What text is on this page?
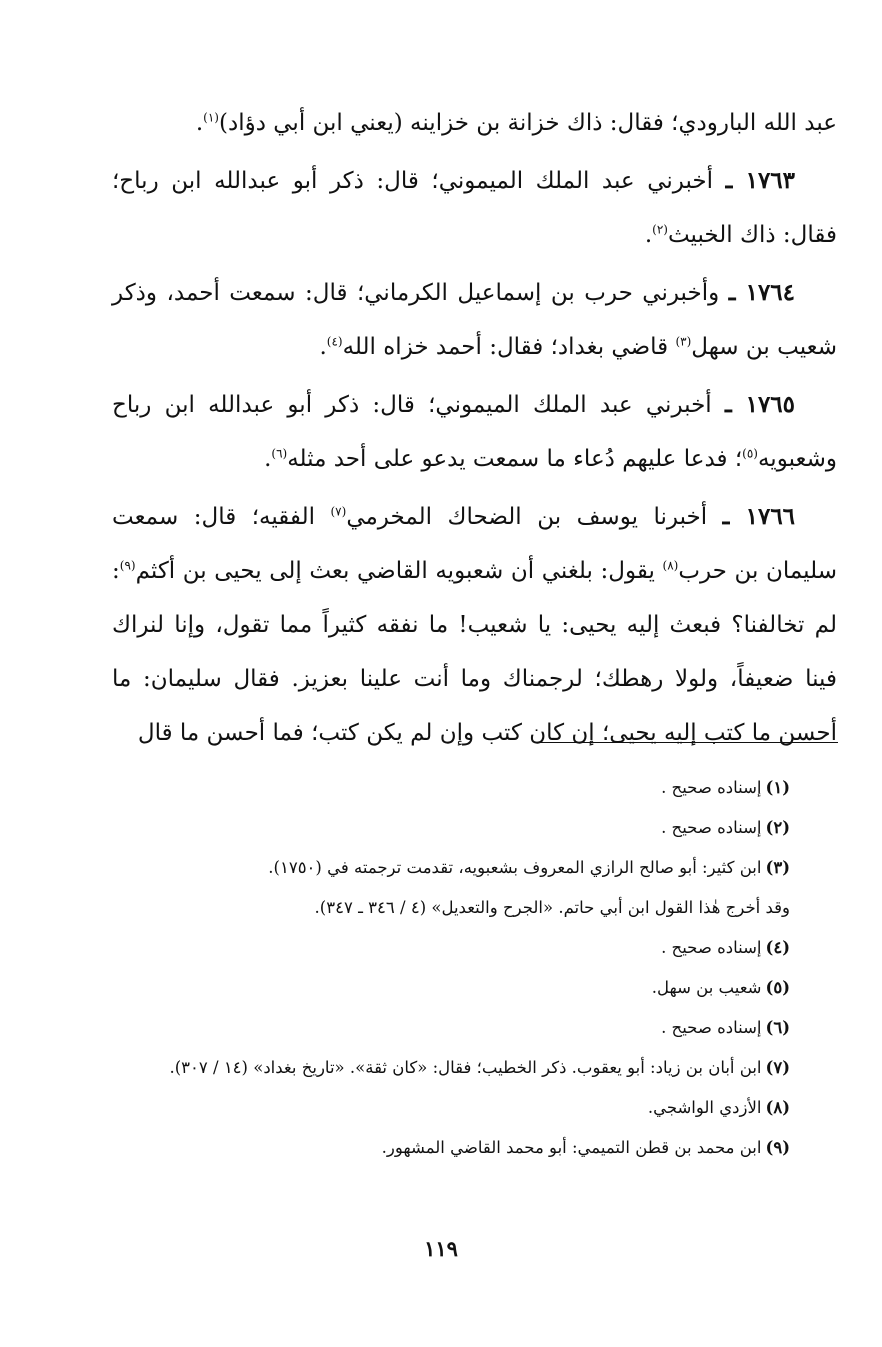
عبد الله البارودي؛ فقال: ذاك خزانة بن خزاينه (يعني ابن أبي دؤاد)$^{(١)}$.

١٧٦٣ ـ أخبرني عبد الملك الميموني؛ قال: ذكر أبو عبدالله ابن رباح؛ فقال: ذاك الخبيث$^{(٢)}$.

١٧٦٤ ـ وأخبرني حرب بن إسماعيل الكرماني؛ قال: سمعت أحمد، وذكر شعيب بن سهل$^{(٣)}$ قاضي بغداد؛ فقال: أحمد خزاه الله$^{(٤)}$.

١٧٦٥ ـ أخبرني عبد الملك الميموني؛ قال: ذكر أبو عبدالله ابن رباح وشعبويه$^{(٥)}$؛ فدعا عليهم دُعاء ما سمعت يدعو على أحد مثله$^{(٦)}$.

١٧٦٦ ـ أخبرنا يوسف بن الضحاك المخرمي$^{(٧)}$ الفقيه؛ قال: سمعت سليمان بن حرب$^{(٨)}$ يقول: بلغني أن شعبويه القاضي بعث إلى يحيى بن أكثم$^{(٩)}$: لم تخالفنا؟ فبعث إليه يحيى: يا شعيب! ما نفقه كثيراً مما تقول، وإنا لنراك فينا ضعيفاً، ولولا رهطك؛ لرجمناك وما أنت علينا بعزيز. فقال سليمان: ما أحسن ما كتب إليه يحيى؛ إن كان كتب وإن لم يكن كتب؛ فما أحسن ما قال

(١)إسناده صحيح .
(٢)إسناده صحيح .
(٣)ابن كثير: أبو صالح الرازي المعروف بشعبويه، تقدمت ترجمته في (١٧٥٠).
وقد أخرج هٰذا القول ابن أبي حاتم. «الجرح والتعديل» (٤ / ٣٤٦ ـ ٣٤٧).
(٤)إسناده صحيح .
(٥)شعيب بن سهل.
(٦)إسناده صحيح .
(٧)ابن أبان بن زياد: أبو يعقوب. ذكر الخطيب؛ فقال: «كان ثقة». «تاريخ بغداد» (١٤ / ٣٠٧).
(٨)الأزدي الواشجي.
(٩)ابن محمد بن قطن التميمي: أبو محمد القاضي المشهور.
١١٩
